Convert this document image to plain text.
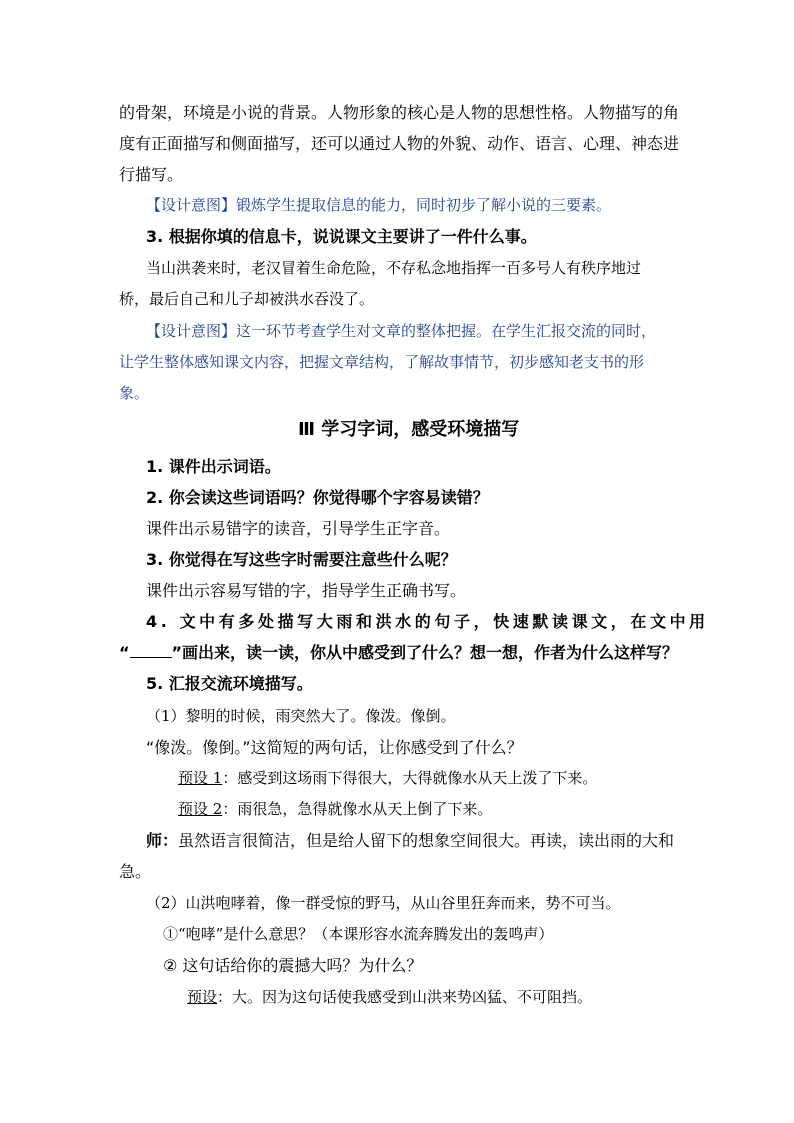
的骨架，环境是小说的背景。人物形象的核心是人物的思想性格。人物描写的角
度有正面描写和侧面描写，还可以通过人物的外貌、动作、语言、心理、神态进
行描写。
【设计意图】锻炼学生提取信息的能力，同时初步了解小说的三要素。
3. 根据你填的信息卡，说说课文主要讲了一件什么事。
当山洪袭来时，老汉冒着生命危险，不存私念地指挥一百多号人有秩序地过
桥，最后自己和儿子却被洪水吞没了。
【设计意图】这一环节考查学生对文章的整体把握。在学生汇报交流的同时，
让学生整体感知课文内容，把握文章结构，了解故事情节，初步感知老支书的形
象。
Ⅲ 学习字词，感受环境描写
1. 课件出示词语。
2. 你会读这些词语吗？你觉得哪个字容易读错？
课件出示易错字的读音，引导学生正字音。
3. 你觉得在写这些字时需要注意些什么呢？
课件出示容易写错的字，指导学生正确书写。
4. 文中有多处描写大雨和洪水的句子，快速默读课文，在文中用
“	”画出来，读一读，你从中感受到了什么？想一想，作者为什么这样写？
5. 汇报交流环境描写。
（1）黎明的时候，雨突然大了。像泼。像倒。
“像泼。像倒。”这简短的两句话，让你感受到了什么？
预设 1：感受到这场雨下得很大，大得就像水从天上泼了下来。
预设 2：雨很急，急得就像水从天上倒了下来。
师：虽然语言很简洁，但是给人留下的想象空间很大。再读，读出雨的大和
急。
（2）山洪咆哮着，像一群受惊的野马，从山谷里狂奔而来，势不可当。
①“咆哮”是什么意思？（本课形容水流奔腾发出的轰鸣声）
② 这句话给你的震撼大吗？为什么？
预设：大。因为这句话使我感受到山洪来势凶猛、不可阻挡。
